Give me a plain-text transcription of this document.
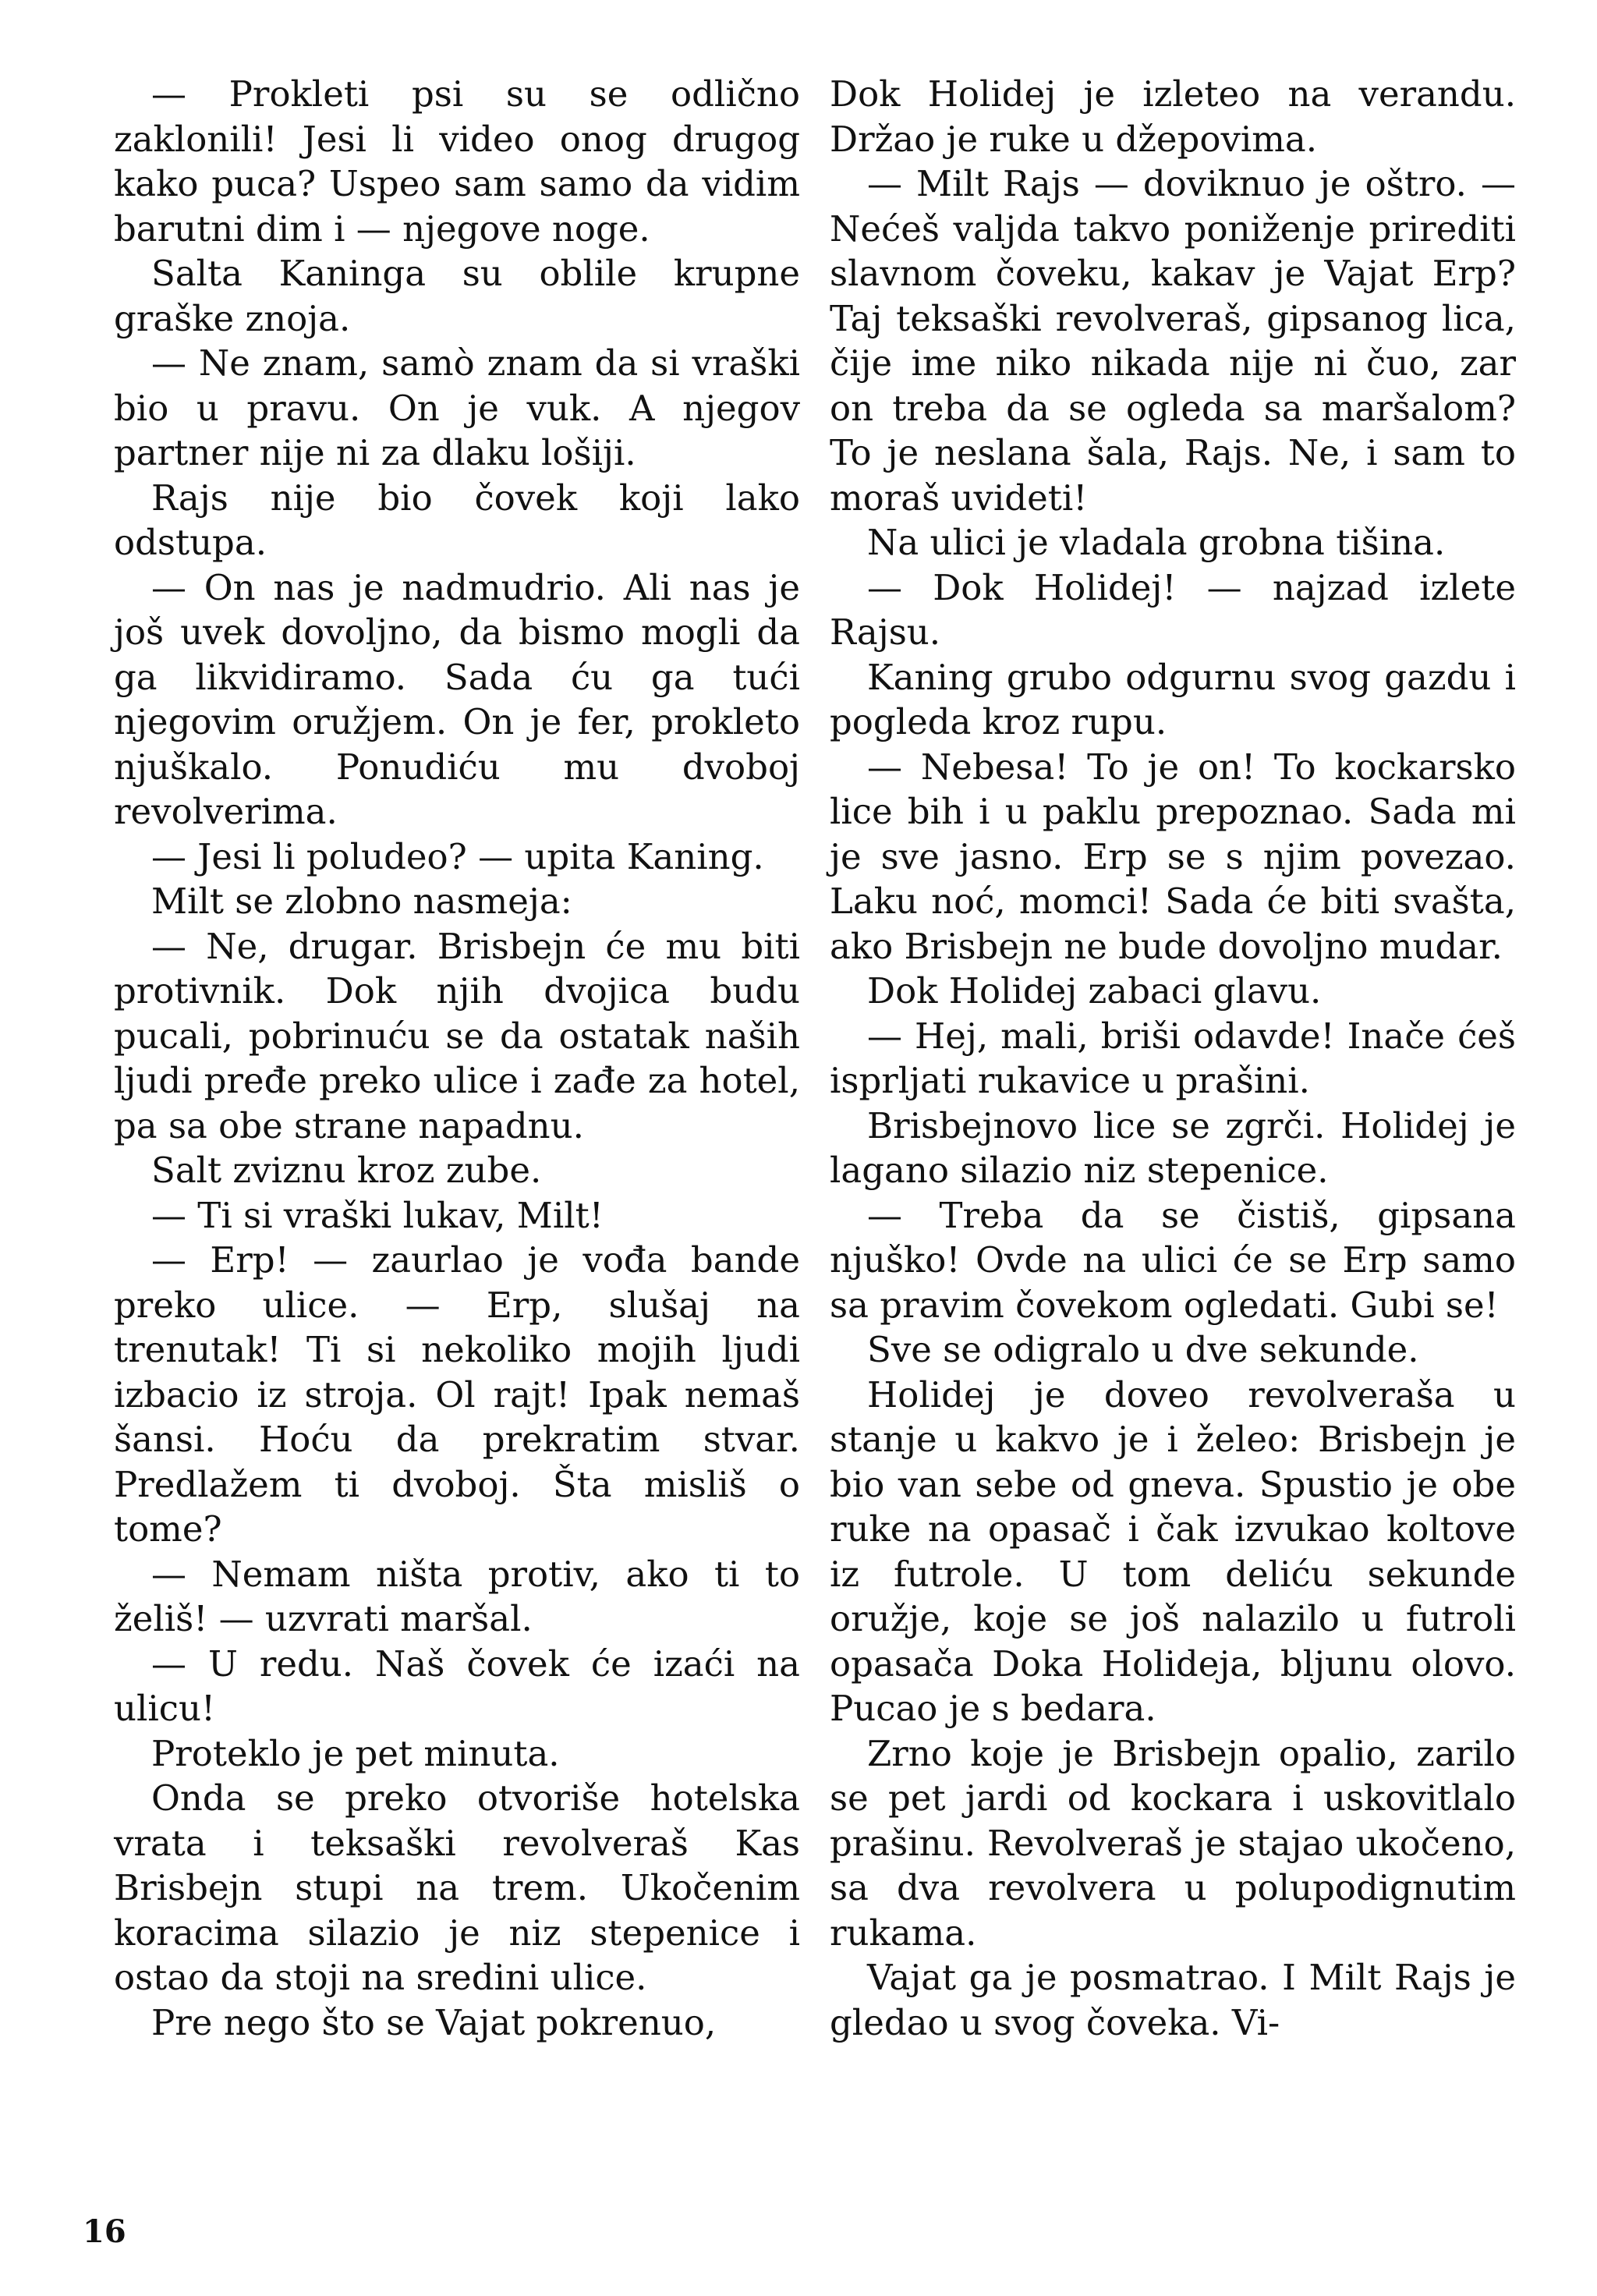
— Prokleti psi su se odlično zaklonili! Jesi li video onog drugog kako puca? Uspeo sam samo da vidim barutni dim i — njegove noge.

Salta Kaninga su oblile krupne graške znoja.

— Ne znam, samò znam da si vraški bio u pravu. On je vuk. A njegov partner nije ni za dlaku lošiji.

Rajs nije bio čovek koji lako odstupa.

— On nas je nadmudrio. Ali nas je još uvek dovoljno, da bismo mogli da ga likvidiramo. Sada ću ga tući njegovim oružjem. On je fer, prokleto njuškalo. Ponudiću mu dvoboj revolverima.

— Jesi li poludeo? — upita Kaning.

Milt se zlobno nasmeja:

— Ne, drugar. Brisbejn će mu biti protivnik. Dok njih dvojica budu pucali, pobrinuću se da ostatak naših ljudi pređe preko ulice i zađe za hotel, pa sa obe strane napadnu.

Salt zviznu kroz zube.

— Ti si vraški lukav, Milt!

— Erp! — zaurlao je vođa bande preko ulice. — Erp, slušaj na trenutak! Ti si nekoliko mojih ljudi izbacio iz stroja. Ol rajt! Ipak nemaš šansi. Hoću da prekratim stvar. Predlažem ti dvoboj. Šta misliš o tome?

— Nemam ništa protiv, ako ti to želiš! — uzvrati maršal.

— U redu. Naš čovek će izaći na ulicu!

Proteklo je pet minuta.

Onda se preko otvoriše hotelska vrata i teksaški revolveraš Kas Brisbejn stupi na trem. Ukočenim koracima silazio je niz stepenice i ostao da stoji na sredini ulice.

Pre nego što se Vajat pokrenuo,

Dok Holidej je izleteo na verandu. Držao je ruke u džepovima.

— Milt Rajs — doviknuo je oštro. — Nećeš valjda takvo poniženje prirediti slavnom čoveku, kakav je Vajat Erp? Taj teksaški revolveraš, gipsanog lica, čije ime niko nikada nije ni čuo, zar on treba da se ogleda sa maršalom? To je neslana šala, Rajs. Ne, i sam to moraš uvideti!

Na ulici je vladala grobna tišina.

— Dok Holidej! — najzad izlete Rajsu.

Kaning grubo odgurnu svog gazdu i pogleda kroz rupu.

— Nebesa! To je on! To kockarsko lice bih i u paklu prepoznao. Sada mi je sve jasno. Erp se s njim povezao. Laku noć, momci! Sada će biti svašta, ako Brisbejn ne bude dovoljno mudar.

Dok Holidej zabaci glavu.

— Hej, mali, briši odavde! Inače ćeš isprljati rukavice u prašini.

Brisbejnovo lice se zgrči. Holidej je lagano silazio niz stepenice.

— Treba da se čistiš, gipsana njuško! Ovde na ulici će se Erp samo sa pravim čovekom ogledati. Gubi se!

Sve se odigralo u dve sekunde.

Holidej je doveo revolveraša u stanje u kakvo je i želeo: Brisbejn je bio van sebe od gneva. Spustio je obe ruke na opasač i čak izvukao koltove iz futrole. U tom deliću sekunde oružje, koje se još nalazilo u futroli opasača Doka Holideja, bljunu olovo. Pucao je s bedara.

Zrno koje je Brisbejn opalio, zarilo se pet jardi od kockara i uskovitlalo prašinu. Revolveraš je stajao ukočeno, sa dva revolvera u polupodignutim rukama.

Vajat ga je posmatrao. I Milt Rajs je gledao u svog čoveka. Vi-

16
